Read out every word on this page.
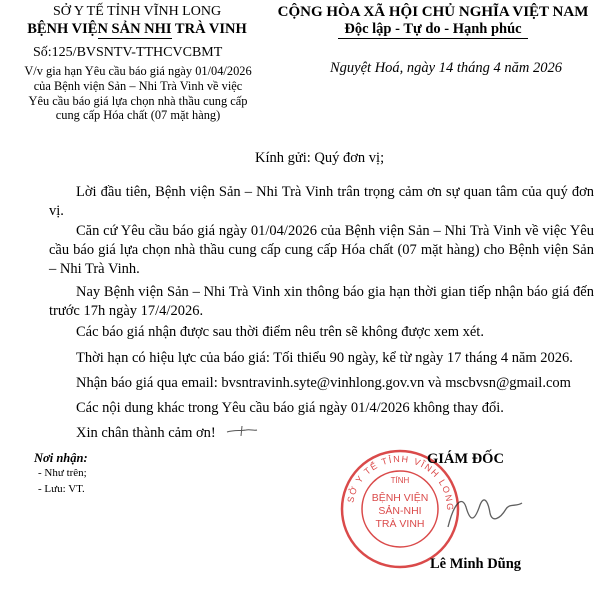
SỞ Y TẾ TỈNH VĨNH LONG
BỆNH VIỆN SẢN NHI TRÀ VINH
Số:125/BVSNTV-TTHCVCBMT
V/v gia hạn Yêu cầu báo giá ngày 01/04/2026
của Bệnh viện Sản – Nhi Trà Vinh về việc
Yêu cầu báo giá lựa chọn nhà thầu cung cấp
cung cấp Hóa chất (07 mặt hàng)
CỘNG HÒA XÃ HỘI CHỦ NGHĨA VIỆT NAM
Độc lập - Tự do - Hạnh phúc
Nguyệt Hoá, ngày 14 tháng 4 năm 2026
Kính gửi: Quý đơn vị;
Lời đầu tiên, Bệnh viện Sản – Nhi Trà Vinh trân trọng cảm ơn sự quan tâm của quý đơn vị.
Căn cứ Yêu cầu báo giá ngày 01/04/2026 của Bệnh viện Sản – Nhi Trà Vinh về việc Yêu cầu báo giá lựa chọn nhà thầu cung cấp cung cấp Hóa chất (07 mặt hàng) cho Bệnh viện Sản – Nhi Trà Vinh.
Nay Bệnh viện Sản – Nhi Trà Vinh xin thông báo gia hạn thời gian tiếp nhận báo giá đến trước 17h ngày 17/4/2026.
Các báo giá nhận được sau thời điểm nêu trên sẽ không được xem xét.
Thời hạn có hiệu lực của báo giá: Tối thiểu 90 ngày, kể từ ngày 17 tháng 4 năm 2026.
Nhận báo giá qua email: bvsntravinh.syte@vinhlong.gov.vn và mscbvsn@gmail.com
Các nội dung khác trong Yêu cầu báo giá ngày 01/4/2026 không thay đổi.
Xin chân thành cảm ơn!
Nơi nhận:
- Như trên;
- Lưu: VT.
SỞ Y TẾ TỈNH VĨNH LONG
TỈNH
BỆNH VIỆN
SẢN-NHI
TRÀ VINH
GIÁM ĐỐC
Lê Minh Dũng
